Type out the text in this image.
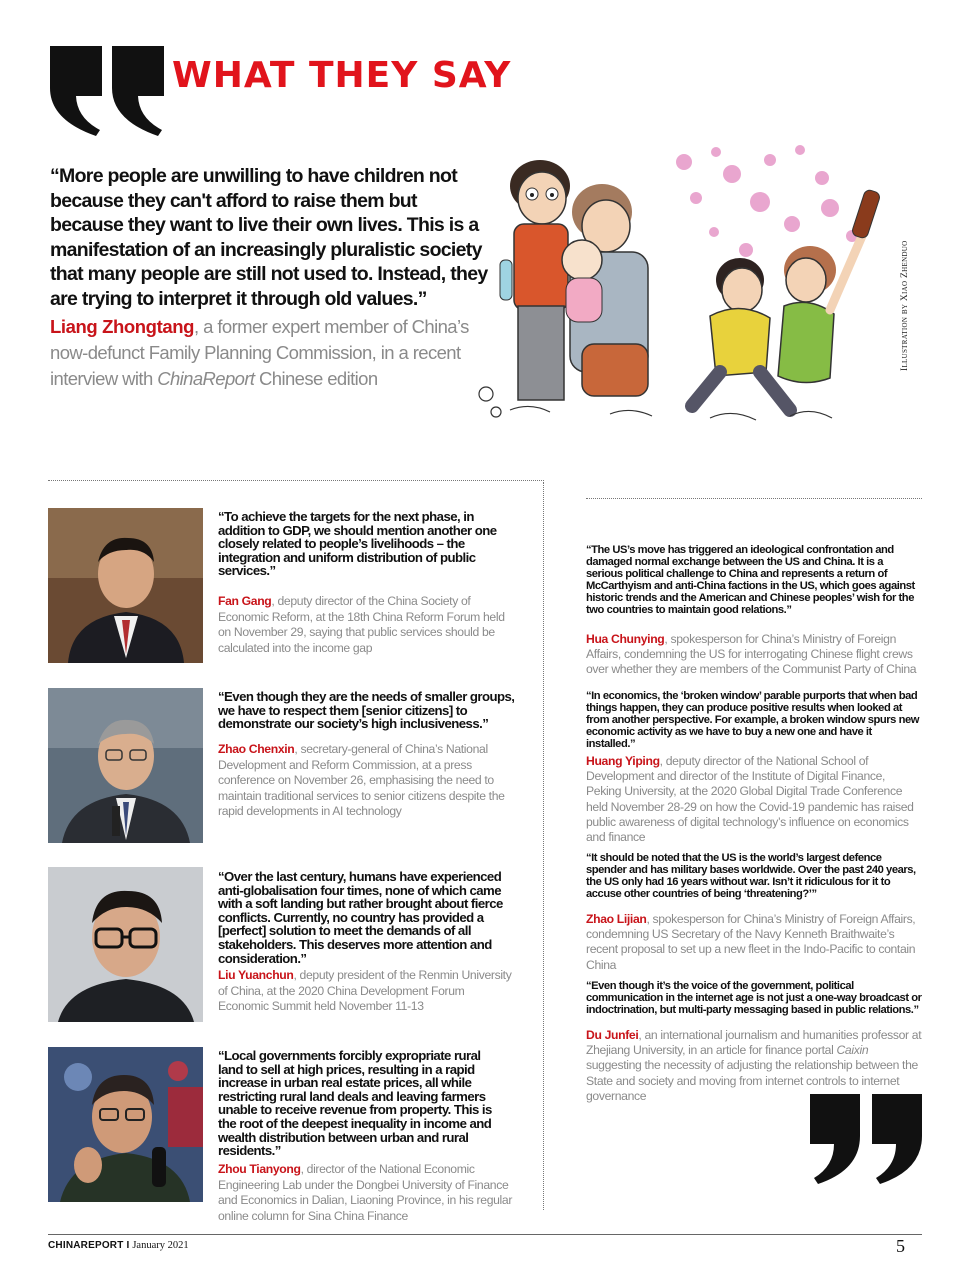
WHAT THEY SAY

“More people are unwilling to have children not because they can't afford to raise them but because they want to live their own lives. This is a manifestation of an increasingly pluralistic society that many people are still not used to. Instead, they are trying to interpret it through old values.”

Liang Zhongtang, a former expert member of China’s now-defunct Family Planning Commission, in a recent interview with ChinaReport Chinese edition

Illustration by Xiao Zhenduo

“To achieve the targets for the next phase, in addition to GDP, we should mention another one closely related to people’s livelihoods – the integration and uniform distribution of public services.”

Fan Gang, deputy director of the China Society of Economic Reform, at the 18th China Reform Forum held on November 29, saying that public services should be calculated into the income gap

“Even though they are the needs of smaller groups, we have to respect them [senior citizens] to demonstrate our society’s high inclusiveness.”

Zhao Chenxin, secretary-general of China’s National Development and Reform Commission, at a press conference on November 26, emphasising the need to maintain traditional services to senior citizens despite the rapid developments in AI technology

“Over the last century, humans have experienced anti-globalisation four times, none of which came with a soft landing but rather brought about fierce conflicts. Currently, no country has provided a [perfect] solution to meet the demands of all stakeholders. This deserves more attention and consideration.”

Liu Yuanchun, deputy president of the Renmin University of China, at the 2020 China Development Forum Economic Summit held November 11-13

“Local governments forcibly expropriate rural land to sell at high prices, resulting in a rapid increase in urban real estate prices, all while restricting rural land deals and leaving farmers unable to receive revenue from property. This is the root of the deepest inequality in income and wealth distribution between urban and rural residents.”

Zhou Tianyong, director of the National Economic Engineering Lab under the Dongbei University of Finance and Economics in Dalian, Liaoning Province, in his regular online column for Sina China Finance

“The US’s move has triggered an ideological confrontation and damaged normal exchange between the US and China. It is a serious political challenge to China and represents a return of McCarthyism and anti-China factions in the US, which goes against historic trends and the American and Chinese peoples’ wish for the two countries to maintain good relations.”

Hua Chunying, spokesperson for China’s Ministry of Foreign Affairs, condemning the US for interrogating Chinese flight crews over whether they are members of the Communist Party of China

“In economics, the ‘broken window’ parable purports that when bad things happen, they can produce positive results when looked at from another perspective. For example, a broken window spurs new economic activity as we have to buy a new one and have it installed.”

Huang Yiping, deputy director of the National School of Development and director of the Institute of Digital Finance, Peking University, at the 2020 Global Digital Trade Conference held November 28-29 on how the Covid-19 pandemic has raised public awareness of digital technology’s influence on economics and finance

“It should be noted that the US is the world’s largest defence spender and has military bases worldwide. Over the past 240 years, the US only had 16 years without war. Isn’t it ridiculous for it to accuse other countries of being ‘threatening?’”

Zhao Lijian, spokesperson for China’s Ministry of Foreign Affairs, condemning US Secretary of the Navy Kenneth Braithwaite’s recent proposal to set up a new fleet in the Indo-Pacific to contain China

“Even though it’s the voice of the government, political communication in the internet age is not just a one-way broadcast or indoctrination, but multi-party messaging based in public relations.”

Du Junfei, an international journalism and humanities professor at Zhejiang University, in an article for finance portal Caixin suggesting the necessity of adjusting the relationship between the State and society and moving from internet controls to internet governance

CHINAREPORT I January 2021	5
